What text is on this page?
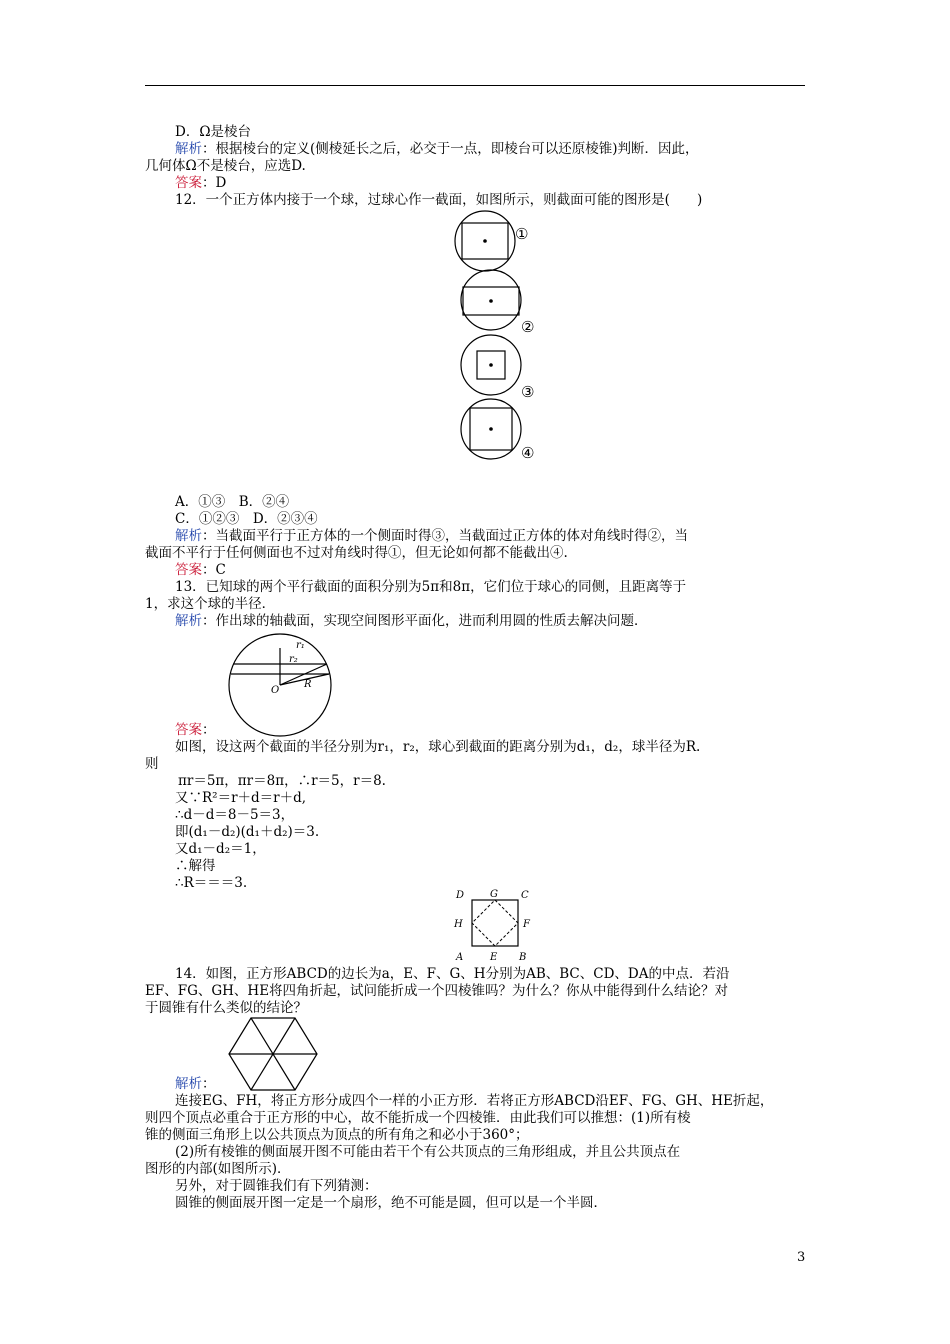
D．Ω是棱台
解析：根据棱台的定义(侧棱延长之后，必交于一点，即棱台可以还原棱锥)判断．因此，
几何体Ω不是棱台，应选D.
答案：D
12．一个正方体内接于一个球，过球心作一截面，如图所示，则截面可能的图形是(　　)
①
②
③
④
A．①③　B．②④
C．①②③　D．②③④
解析：当截面平行于正方体的一个侧面时得③，当截面过正方体的体对角线时得②，当
截面不平行于任何侧面也不过对角线时得①，但无论如何都不能截出④.
答案：C
13．已知球的两个平行截面的面积分别为5π和8π，它们位于球心的同侧，且距离等于
1，求这个球的半径．
解析：作出球的轴截面，实现空间图形平面化，进而利用圆的性质去解决问题．
r₁
r₂
O
R
答案：
如图，设这两个截面的半径分别为r₁，r₂，球心到截面的距离分别为d₁，d₂，球半径为R.
则
πr＝5π，πr＝8π，∴r＝5，r＝8.
又∵R²＝r＋d＝r＋d,
∴d－d＝8－5＝3，
即(d₁－d₂)(d₁＋d₂)＝3.
又d₁－d₂＝1，
∴解得
∴R＝＝＝3.
D	G C
H	F
A	E B
14．如图，正方形ABCD的边长为a，E、F、G、H分别为AB、BC、CD、DA的中点．若沿
EF、FG、GH、HE将四角折起，试问能折成一个四棱锥吗？为什么？你从中能得到什么结论？对
于圆锥有什么类似的结论？
解析：
连接EG、FH，将正方形分成四个一样的小正方形．若将正方形ABCD沿EF、FG、GH、HE折起，
则四个顶点必重合于正方形的中心，故不能折成一个四棱锥．由此我们可以推想：(1)所有棱
锥的侧面三角形上以公共顶点为顶点的所有角之和必小于360°；
(2)所有棱锥的侧面展开图不可能由若干个有公共顶点的三角形组成，并且公共顶点在
图形的内部(如图所示)．
另外，对于圆锥我们有下列猜测：
圆锥的侧面展开图一定是一个扇形，绝不可能是圆，但可以是一个半圆．
3
